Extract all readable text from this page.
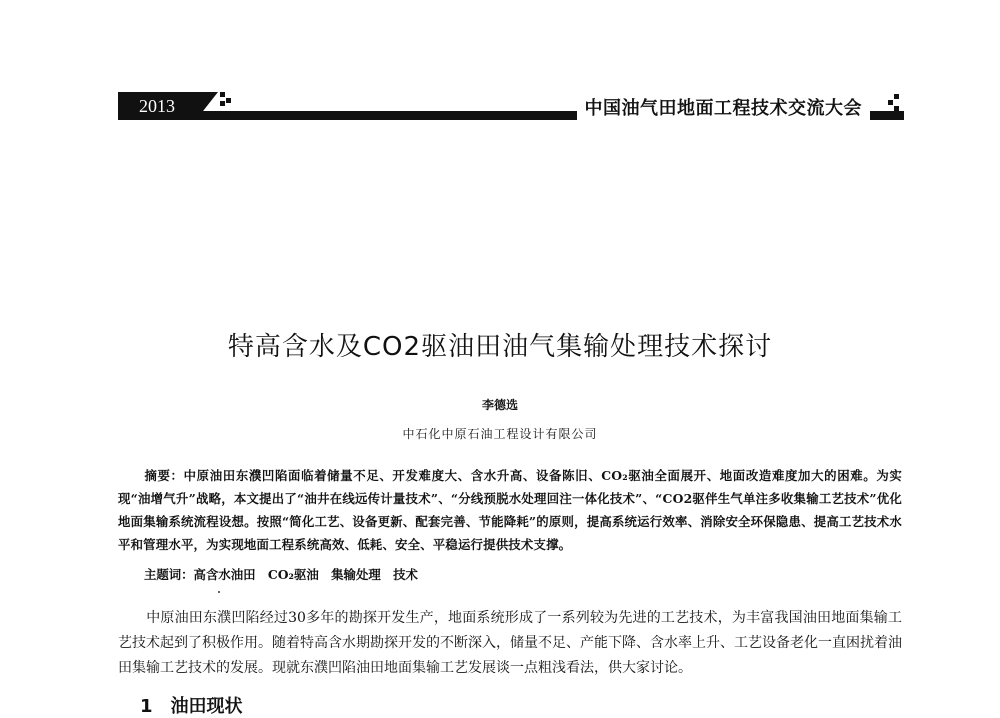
2013	中国油气田地面工程技术交流大会
特高含水及CO2驱油田油气集输处理技术探讨
李德选
中石化中原石油工程设计有限公司
摘要：中原油田东濮凹陷面临着储量不足、开发难度大、含水升高、设备陈旧、CO₂驱油全面展开、地面改造难度加大的困难。为实现“油增气升”战略，本文提出了“油井在线远传计量技术”、“分线预脱水处理回注一体化技术”、“CO2驱伴生气单注多收集输工艺技术”优化地面集输系统流程设想。按照“简化工艺、设备更新、配套完善、节能降耗”的原则，提高系统运行效率、消除安全环保隐患、提高工艺技术水平和管理水平，为实现地面工程系统高效、低耗、安全、平稳运行提供技术支撑。
主题词：高含水油田　CO₂驱油　集输处理　技术
中原油田东濮凹陷经过30多年的勘探开发生产，地面系统形成了一系列较为先进的工艺技术，为丰富我国油田地面集输工艺技术起到了积极作用。随着特高含水期勘探开发的不断深入，储量不足、产能下降、含水率上升、工艺设备老化一直困扰着油田集输工艺技术的发展。现就东濮凹陷油田地面集输工艺发展谈一点粗浅看法，供大家讨论。
1　油田现状
